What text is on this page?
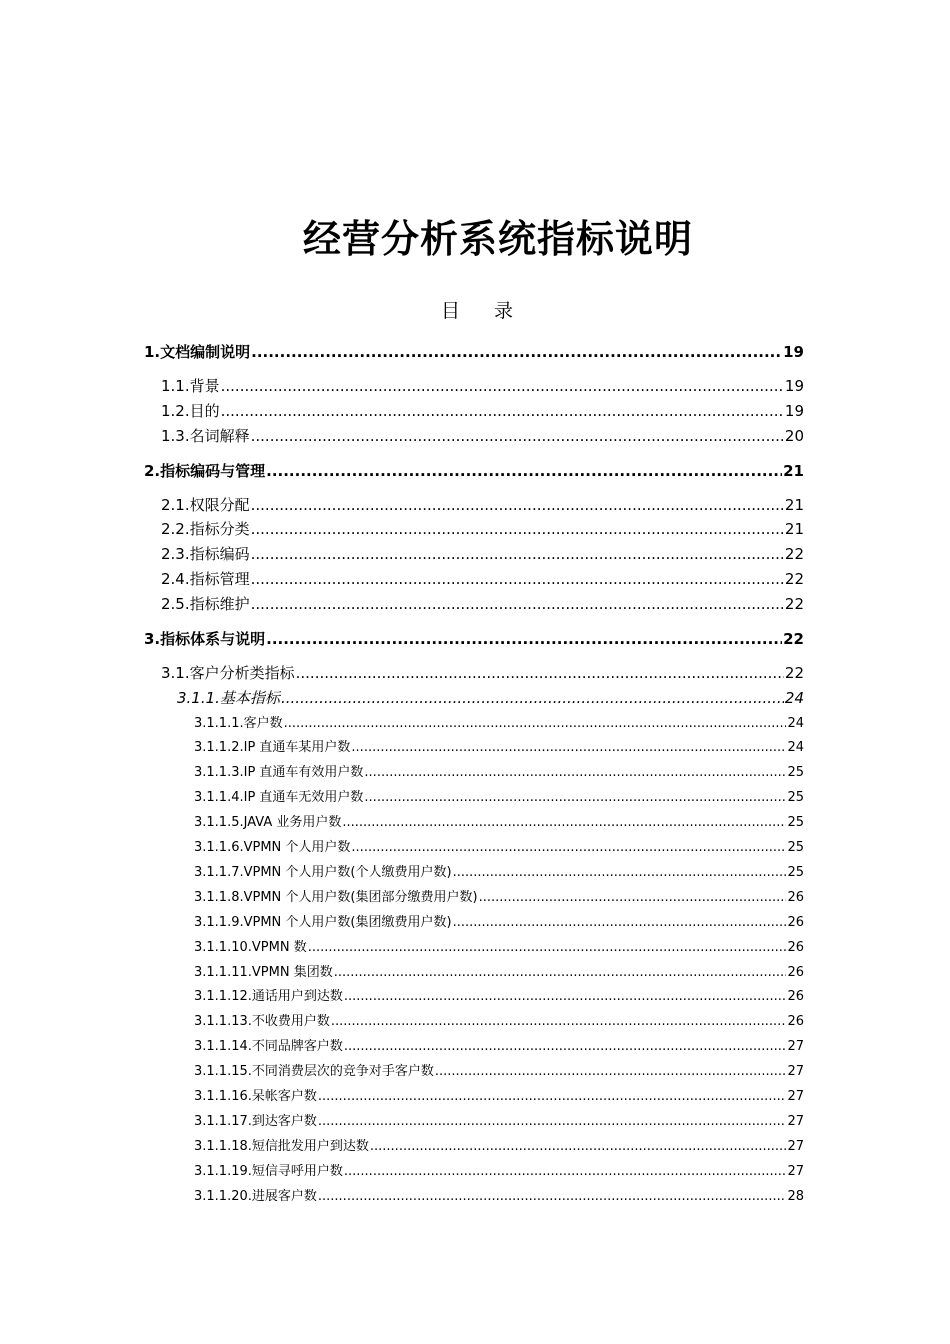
经营分析系统指标说明
目 录
1.文档编制说明 .....	19
1.1.背景 .....	19
1.2.目的 .....	19
1.3.名词解释 .....	20
2.指标编码与管理 .....	21
2.1.权限分配 .....	21
2.2.指标分类 .....	21
2.3.指标编码 .....	22
2.4.指标管理 .....	22
2.5.指标维护 .....	22
3.指标体系与说明 .....	22
3.1.客户分析类指标 .....	22
3.1.1.基本指标 .....	24
3.1.1.1.客户数 .....	24
3.1.1.2.IP 直通车某用户数 .....	24
3.1.1.3.IP 直通车有效用户数 .....	25
3.1.1.4.IP 直通车无效用户数 .....	25
3.1.1.5.JAVA 业务用户数 .....	25
3.1.1.6.VPMN 个人用户数 .....	25
3.1.1.7.VPMN 个人用户数(个人缴费用户数) .....	25
3.1.1.8.VPMN 个人用户数(集团部分缴费用户数) .....	26
3.1.1.9.VPMN 个人用户数(集团缴费用户数) .....	26
3.1.1.10.VPMN 数 .....	26
3.1.1.11.VPMN 集团数 .....	26
3.1.1.12.通话用户到达数 .....	26
3.1.1.13.不收费用户数 .....	26
3.1.1.14.不同品牌客户数 .....	27
3.1.1.15.不同消费层次的竞争对手客户数 .....	27
3.1.1.16.呆帐客户数 .....	27
3.1.1.17.到达客户数 .....	27
3.1.1.18.短信批发用户到达数 .....	27
3.1.1.19.短信寻呼用户数 .....	27
3.1.1.20.进展客户数 .....	28
